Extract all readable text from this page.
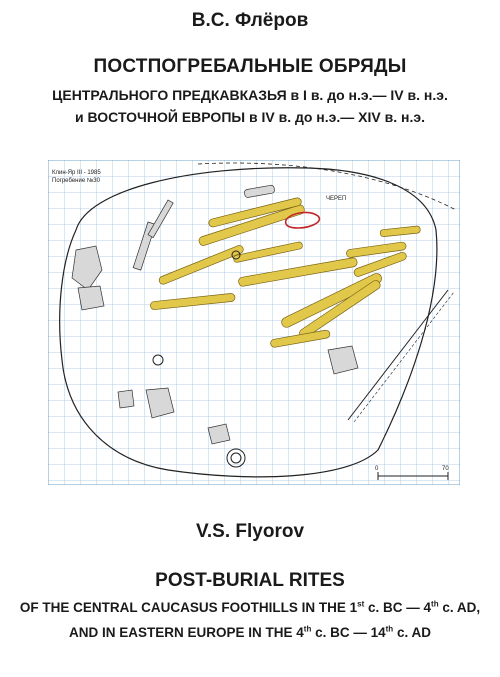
В.С. Флёров
ПОСТПОГРЕБАЛЬНЫЕ ОБРЯДЫ
ЦЕНТРАЛЬНОГО ПРЕДКАВКАЗЬЯ в I в. до н.э.— IV в. н.э.
и ВОСТОЧНОЙ ЕВРОПЫ в IV в. до н.э.— XIV в. н.э.
Клин-Яр III - 1985
Погребение №30
ЧЕРЕП
0	70
V.S. Flyorov
POST-BURIAL RITES
OF THE CENTRAL CAUCASUS FOOTHILLS IN THE 1st c. BC — 4th c. AD,
AND IN EASTERN EUROPE IN THE 4th c. BC — 14th c. AD
